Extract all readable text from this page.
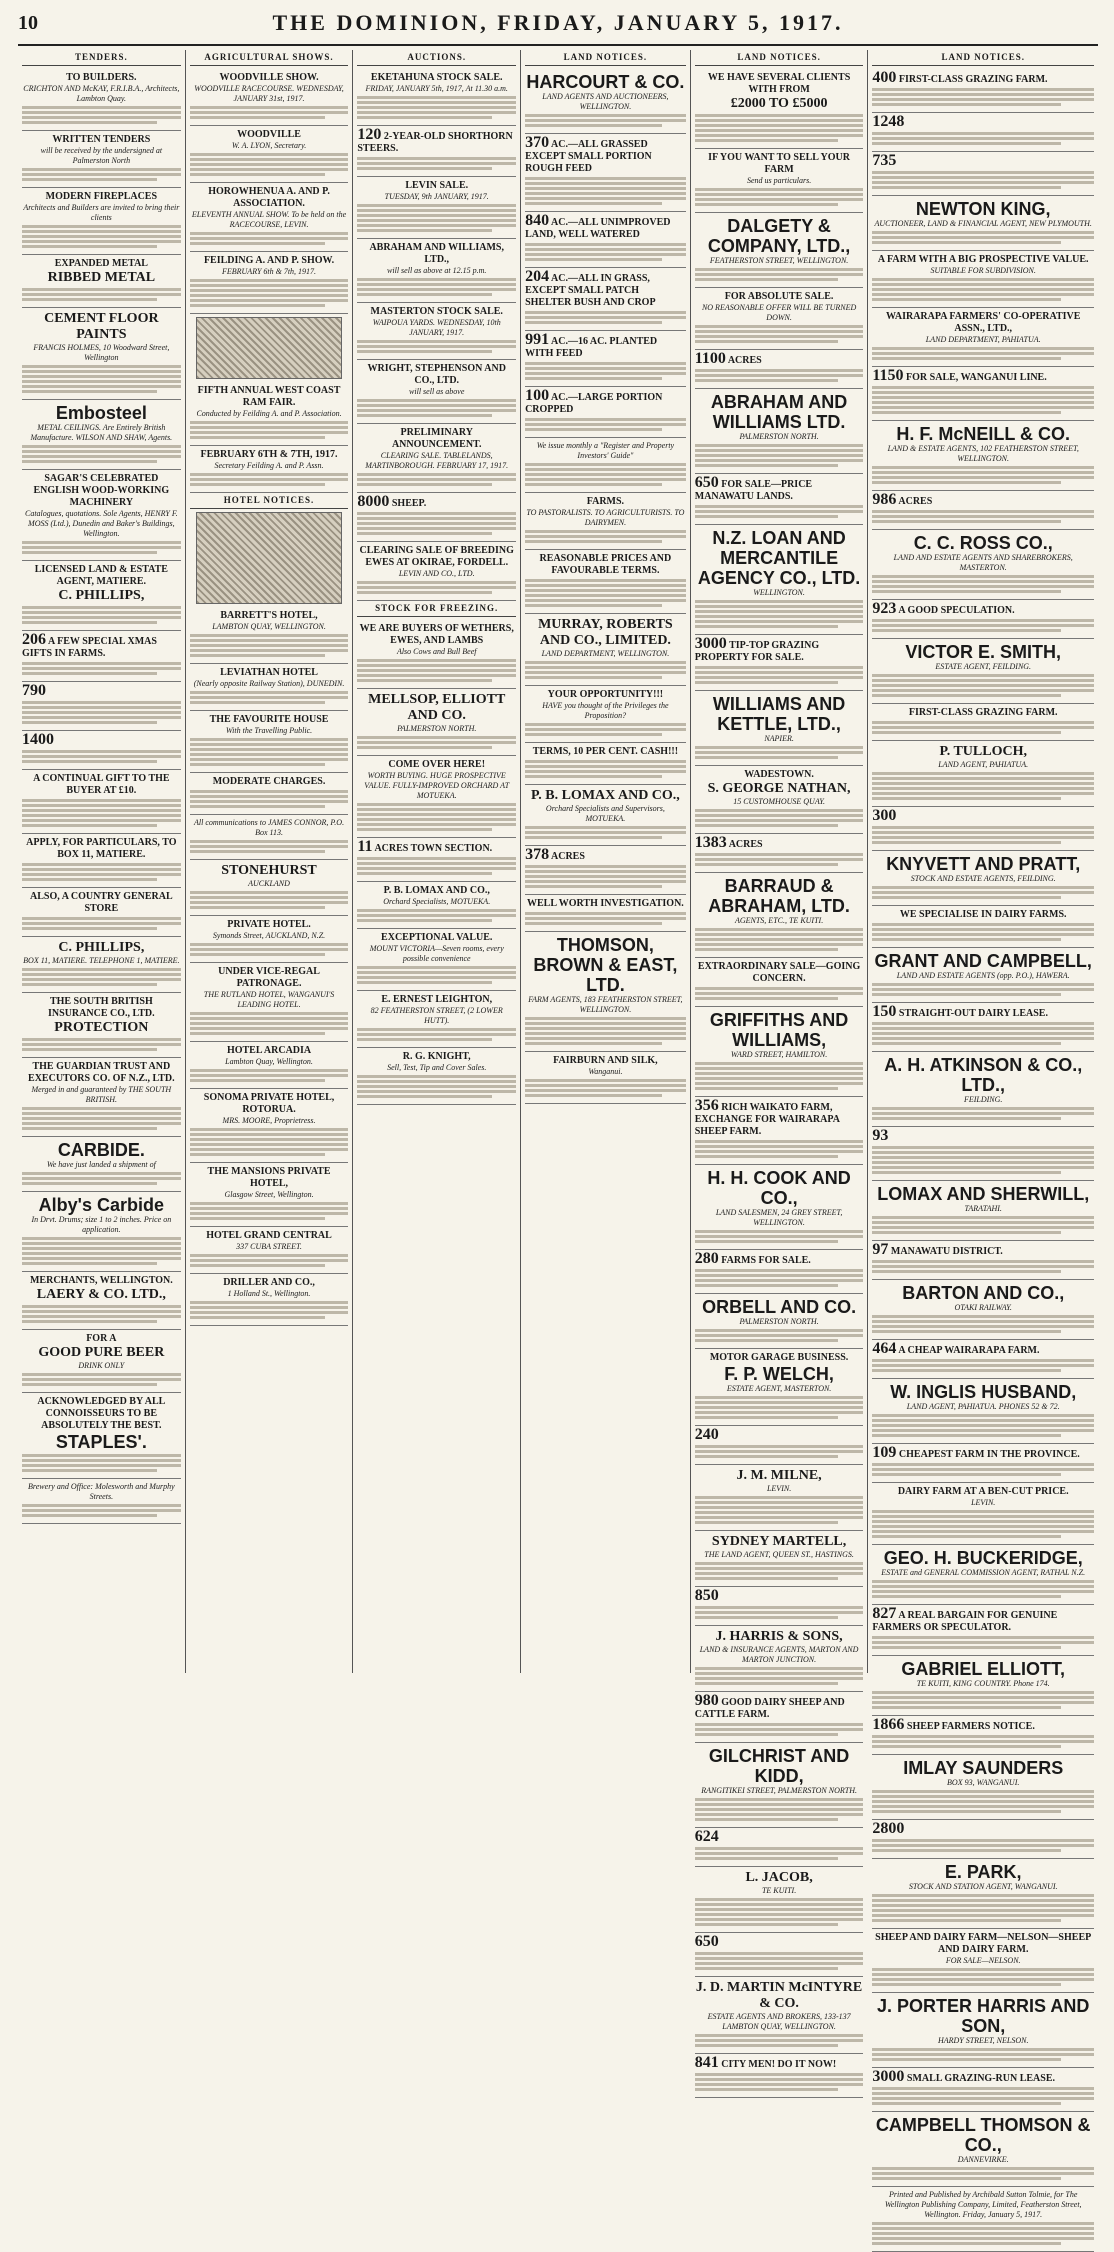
10	THE DOMINION, FRIDAY, JANUARY 5, 1917.
TENDERS.
TO BUILDERS.
CRICHTON AND McKAY, F.R.I.B.A., Architects, Lambton Quay.
WRITTEN TENDERS
will be received by the undersigned at Palmerston North
MODERN FIREPLACES
Architects and Builders are invited to bring their clients
EXPANDED METAL
RIBBED METAL
CEMENT FLOOR PAINTS
FRANCIS HOLMES, 10 Woodward Street, Wellington
Embosteel
METAL CEILINGS. Are Entirely British Manufacture. WILSON AND SHAW, Agents.
SAGAR'S CELEBRATED ENGLISH WOOD-WORKING MACHINERY
Catalogues, quotations. Sole Agents, HENRY F. MOSS (Ltd.), Dunedin and Baker's Buildings, Wellington.
LICENSED LAND & ESTATE AGENT, MATIERE.
C. PHILLIPS,
206 A FEW SPECIAL XMAS GIFTS IN FARMS.
790
1400
A CONTINUAL GIFT TO THE BUYER AT £10.
APPLY, FOR PARTICULARS, TO BOX 11, MATIERE.
ALSO, A COUNTRY GENERAL STORE
C. PHILLIPS,
BOX 11, MATIERE. TELEPHONE 1, MATIERE.
THE SOUTH BRITISH INSURANCE CO., LTD.
PROTECTION
THE GUARDIAN TRUST AND EXECUTORS CO. OF N.Z., LTD.
Merged in and guaranteed by THE SOUTH BRITISH.
CARBIDE.
We have just landed a shipment of
Alby's Carbide
In Drvt. Drums; size 1 to 2 inches. Price on application.
MERCHANTS, WELLINGTON.
LAERY & CO. LTD.,
FOR A
GOOD PURE BEER
DRINK ONLY
ACKNOWLEDGED BY ALL CONNOISSEURS TO BE ABSOLUTELY THE BEST.
STAPLES'.
Brewery and Office: Molesworth and Murphy Streets.
AGRICULTURAL SHOWS.
WOODVILLE SHOW.
WOODVILLE RACECOURSE. WEDNESDAY, JANUARY 31st, 1917.
WOODVILLE
W. A. LYON, Secretary.
HOROWHENUA A. AND P. ASSOCIATION.
ELEVENTH ANNUAL SHOW. To be held on the RACECOURSE, LEVIN.
FEILDING A. AND P. SHOW.
FEBRUARY 6th & 7th, 1917.
FIFTH ANNUAL WEST COAST RAM FAIR.
Conducted by Feilding A. and P. Association.
FEBRUARY 6TH & 7TH, 1917.
Secretary Feilding A. and P. Assn.
HOTEL NOTICES.
BARRETT'S HOTEL,
LAMBTON QUAY, WELLINGTON.
LEVIATHAN HOTEL
(Nearly opposite Railway Station), DUNEDIN.
THE FAVOURITE HOUSE
With the Travelling Public.
MODERATE CHARGES.
All communications to JAMES CONNOR, P.O. Box 113.
STONEHURST
AUCKLAND
PRIVATE HOTEL.
Symonds Street, AUCKLAND, N.Z.
UNDER VICE-REGAL PATRONAGE.
THE RUTLAND HOTEL, WANGANUI'S LEADING HOTEL.
HOTEL ARCADIA
Lambton Quay, Wellington.
SONOMA PRIVATE HOTEL, ROTORUA.
MRS. MOORE, Proprietress.
THE MANSIONS PRIVATE HOTEL,
Glasgow Street, Wellington.
HOTEL GRAND CENTRAL
337 CUBA STREET.
DRILLER AND CO.,
1 Holland St., Wellington.
AUCTIONS.
EKETAHUNA STOCK SALE.
FRIDAY, JANUARY 5th, 1917, At 11.30 a.m.
120 2-YEAR-OLD SHORTHORN STEERS.
LEVIN SALE.
TUESDAY, 9th JANUARY, 1917.
ABRAHAM AND WILLIAMS, LTD.,
will sell as above at 12.15 p.m.
MASTERTON STOCK SALE.
WAIPOUA YARDS. WEDNESDAY, 10th JANUARY, 1917.
WRIGHT, STEPHENSON AND CO., LTD.
will sell as above
PRELIMINARY ANNOUNCEMENT.
CLEARING SALE. TABLELANDS, MARTINBOROUGH. FEBRUARY 17, 1917.
8000 SHEEP.
CLEARING SALE OF BREEDING EWES AT OKIRAE, FORDELL.
LEVIN AND CO., LTD.
STOCK FOR FREEZING.
WE ARE BUYERS OF WETHERS, EWES, AND LAMBS
Also Cows and Bull Beef
MELLSOP, ELLIOTT AND CO.
PALMERSTON NORTH.
COME OVER HERE!
WORTH BUYING. HUGE PROSPECTIVE VALUE. FULLY-IMPROVED ORCHARD AT MOTUEKA.
11 ACRES TOWN SECTION.
P. B. LOMAX AND CO.,
Orchard Specialists, MOTUEKA.
EXCEPTIONAL VALUE.
MOUNT VICTORIA—Seven rooms, every possible convenience
E. ERNEST LEIGHTON,
82 FEATHERSTON STREET, (2 LOWER HUTT).
R. G. KNIGHT,
Sell, Test, Tip and Cover Sales.
LAND NOTICES.
HARCOURT & CO.
LAND AGENTS AND AUCTIONEERS, WELLINGTON.
370 AC.—ALL GRASSED EXCEPT SMALL PORTION ROUGH FEED
840 AC.—ALL UNIMPROVED LAND, WELL WATERED
204 AC.—ALL IN GRASS, EXCEPT SMALL PATCH SHELTER BUSH AND CROP
991 AC.—16 AC. PLANTED WITH FEED
100 AC.—LARGE PORTION CROPPED
We issue monthly a "Register and Property Investors' Guide"
FARMS.
TO PASTORALISTS. TO AGRICULTURISTS. TO DAIRYMEN.
REASONABLE PRICES AND FAVOURABLE TERMS.
MURRAY, ROBERTS AND CO., LIMITED.
LAND DEPARTMENT, WELLINGTON.
YOUR OPPORTUNITY!!!
HAVE you thought of the Privileges the Proposition?
TERMS, 10 PER CENT. CASH!!!
P. B. LOMAX AND CO.,
Orchard Specialists and Supervisors, MOTUEKA.
378 ACRES
WELL WORTH INVESTIGATION.
THOMSON, BROWN & EAST, LTD.
FARM AGENTS, 183 FEATHERSTON STREET, WELLINGTON.
FAIRBURN AND SILK,
Wanganui.
LAND NOTICES.
WE HAVE SEVERAL CLIENTS WITH FROM
£2000 TO £5000
IF YOU WANT TO SELL YOUR FARM
Send us particulars.
DALGETY & COMPANY, LTD.,
FEATHERSTON STREET, WELLINGTON.
FOR ABSOLUTE SALE.
NO REASONABLE OFFER WILL BE TURNED DOWN.
1100 ACRES
ABRAHAM AND WILLIAMS LTD.
PALMERSTON NORTH.
650 FOR SALE—PRICE MANAWATU LANDS.
N.Z. LOAN AND MERCANTILE AGENCY CO., LTD.
WELLINGTON.
3000 TIP-TOP GRAZING PROPERTY FOR SALE.
WILLIAMS AND KETTLE, LTD.,
NAPIER.
WADESTOWN.
S. GEORGE NATHAN,
15 CUSTOMHOUSE QUAY.
1383 ACRES
BARRAUD & ABRAHAM, LTD.
AGENTS, ETC., TE KUITI.
EXTRAORDINARY SALE—GOING CONCERN.
GRIFFITHS AND WILLIAMS,
WARD STREET, HAMILTON.
356 RICH WAIKATO FARM, EXCHANGE FOR WAIRARAPA SHEEP FARM.
H. H. COOK AND CO.,
LAND SALESMEN, 24 GREY STREET, WELLINGTON.
280 FARMS FOR SALE.
ORBELL AND CO.
PALMERSTON NORTH.
MOTOR GARAGE BUSINESS.
F. P. WELCH,
ESTATE AGENT, MASTERTON.
240
J. M. MILNE,
LEVIN.
SYDNEY MARTELL,
THE LAND AGENT, QUEEN ST., HASTINGS.
850
J. HARRIS & SONS,
LAND & INSURANCE AGENTS, MARTON AND MARTON JUNCTION.
980 GOOD DAIRY SHEEP AND CATTLE FARM.
GILCHRIST AND KIDD,
RANGITIKEI STREET, PALMERSTON NORTH.
624
L. JACOB,
TE KUITI.
650
J. D. MARTIN McINTYRE & CO.
ESTATE AGENTS AND BROKERS, 133-137 LAMBTON QUAY, WELLINGTON.
841 CITY MEN! DO IT NOW!
LAND NOTICES.
400 FIRST-CLASS GRAZING FARM.
1248
735
NEWTON KING,
AUCTIONEER, LAND & FINANCIAL AGENT, NEW PLYMOUTH.
A FARM WITH A BIG PROSPECTIVE VALUE.
SUITABLE FOR SUBDIVISION.
WAIRARAPA FARMERS' CO-OPERATIVE ASSN., LTD.,
LAND DEPARTMENT, PAHIATUA.
1150 FOR SALE, WANGANUI LINE.
H. F. McNEILL & CO.
LAND & ESTATE AGENTS, 102 FEATHERSTON STREET, WELLINGTON.
986 ACRES
C. C. ROSS CO.,
LAND AND ESTATE AGENTS AND SHAREBROKERS, MASTERTON.
923 A GOOD SPECULATION.
VICTOR E. SMITH,
ESTATE AGENT, FEILDING.
FIRST-CLASS GRAZING FARM.
P. TULLOCH,
LAND AGENT, PAHIATUA.
300
KNYVETT AND PRATT,
STOCK AND ESTATE AGENTS, FEILDING.
WE SPECIALISE IN DAIRY FARMS.
GRANT AND CAMPBELL,
LAND AND ESTATE AGENTS (opp. P.O.), HAWERA.
150 STRAIGHT-OUT DAIRY LEASE.
A. H. ATKINSON & CO., LTD.,
FEILDING.
93
LOMAX AND SHERWILL,
TARATAHI.
97 MANAWATU DISTRICT.
BARTON AND CO.,
OTAKI RAILWAY.
464 A CHEAP WAIRARAPA FARM.
W. INGLIS HUSBAND,
LAND AGENT, PAHIATUA. PHONES 52 & 72.
109 CHEAPEST FARM IN THE PROVINCE.
DAIRY FARM AT A BEN-CUT PRICE.
LEVIN.
GEO. H. BUCKERIDGE,
ESTATE and GENERAL COMMISSION AGENT, RATHAL N.Z.
827 A REAL BARGAIN FOR GENUINE FARMERS OR SPECULATOR.
GABRIEL ELLIOTT,
TE KUITI, KING COUNTRY. Phone 174.
1866 SHEEP FARMERS NOTICE.
IMLAY SAUNDERS
BOX 93, WANGANUI.
2800
E. PARK,
STOCK AND STATION AGENT, WANGANUI.
SHEEP AND DAIRY FARM—NELSON—SHEEP AND DAIRY FARM.
FOR SALE—NELSON.
J. PORTER HARRIS AND SON,
HARDY STREET, NELSON.
3000 SMALL GRAZING-RUN LEASE.
CAMPBELL THOMSON & CO.,
DANNEVIRKE.
Printed and Published by Archibald Sutton Tolmie, for The Wellington Publishing Company, Limited, Featherston Street, Wellington. Friday, January 5, 1917.
